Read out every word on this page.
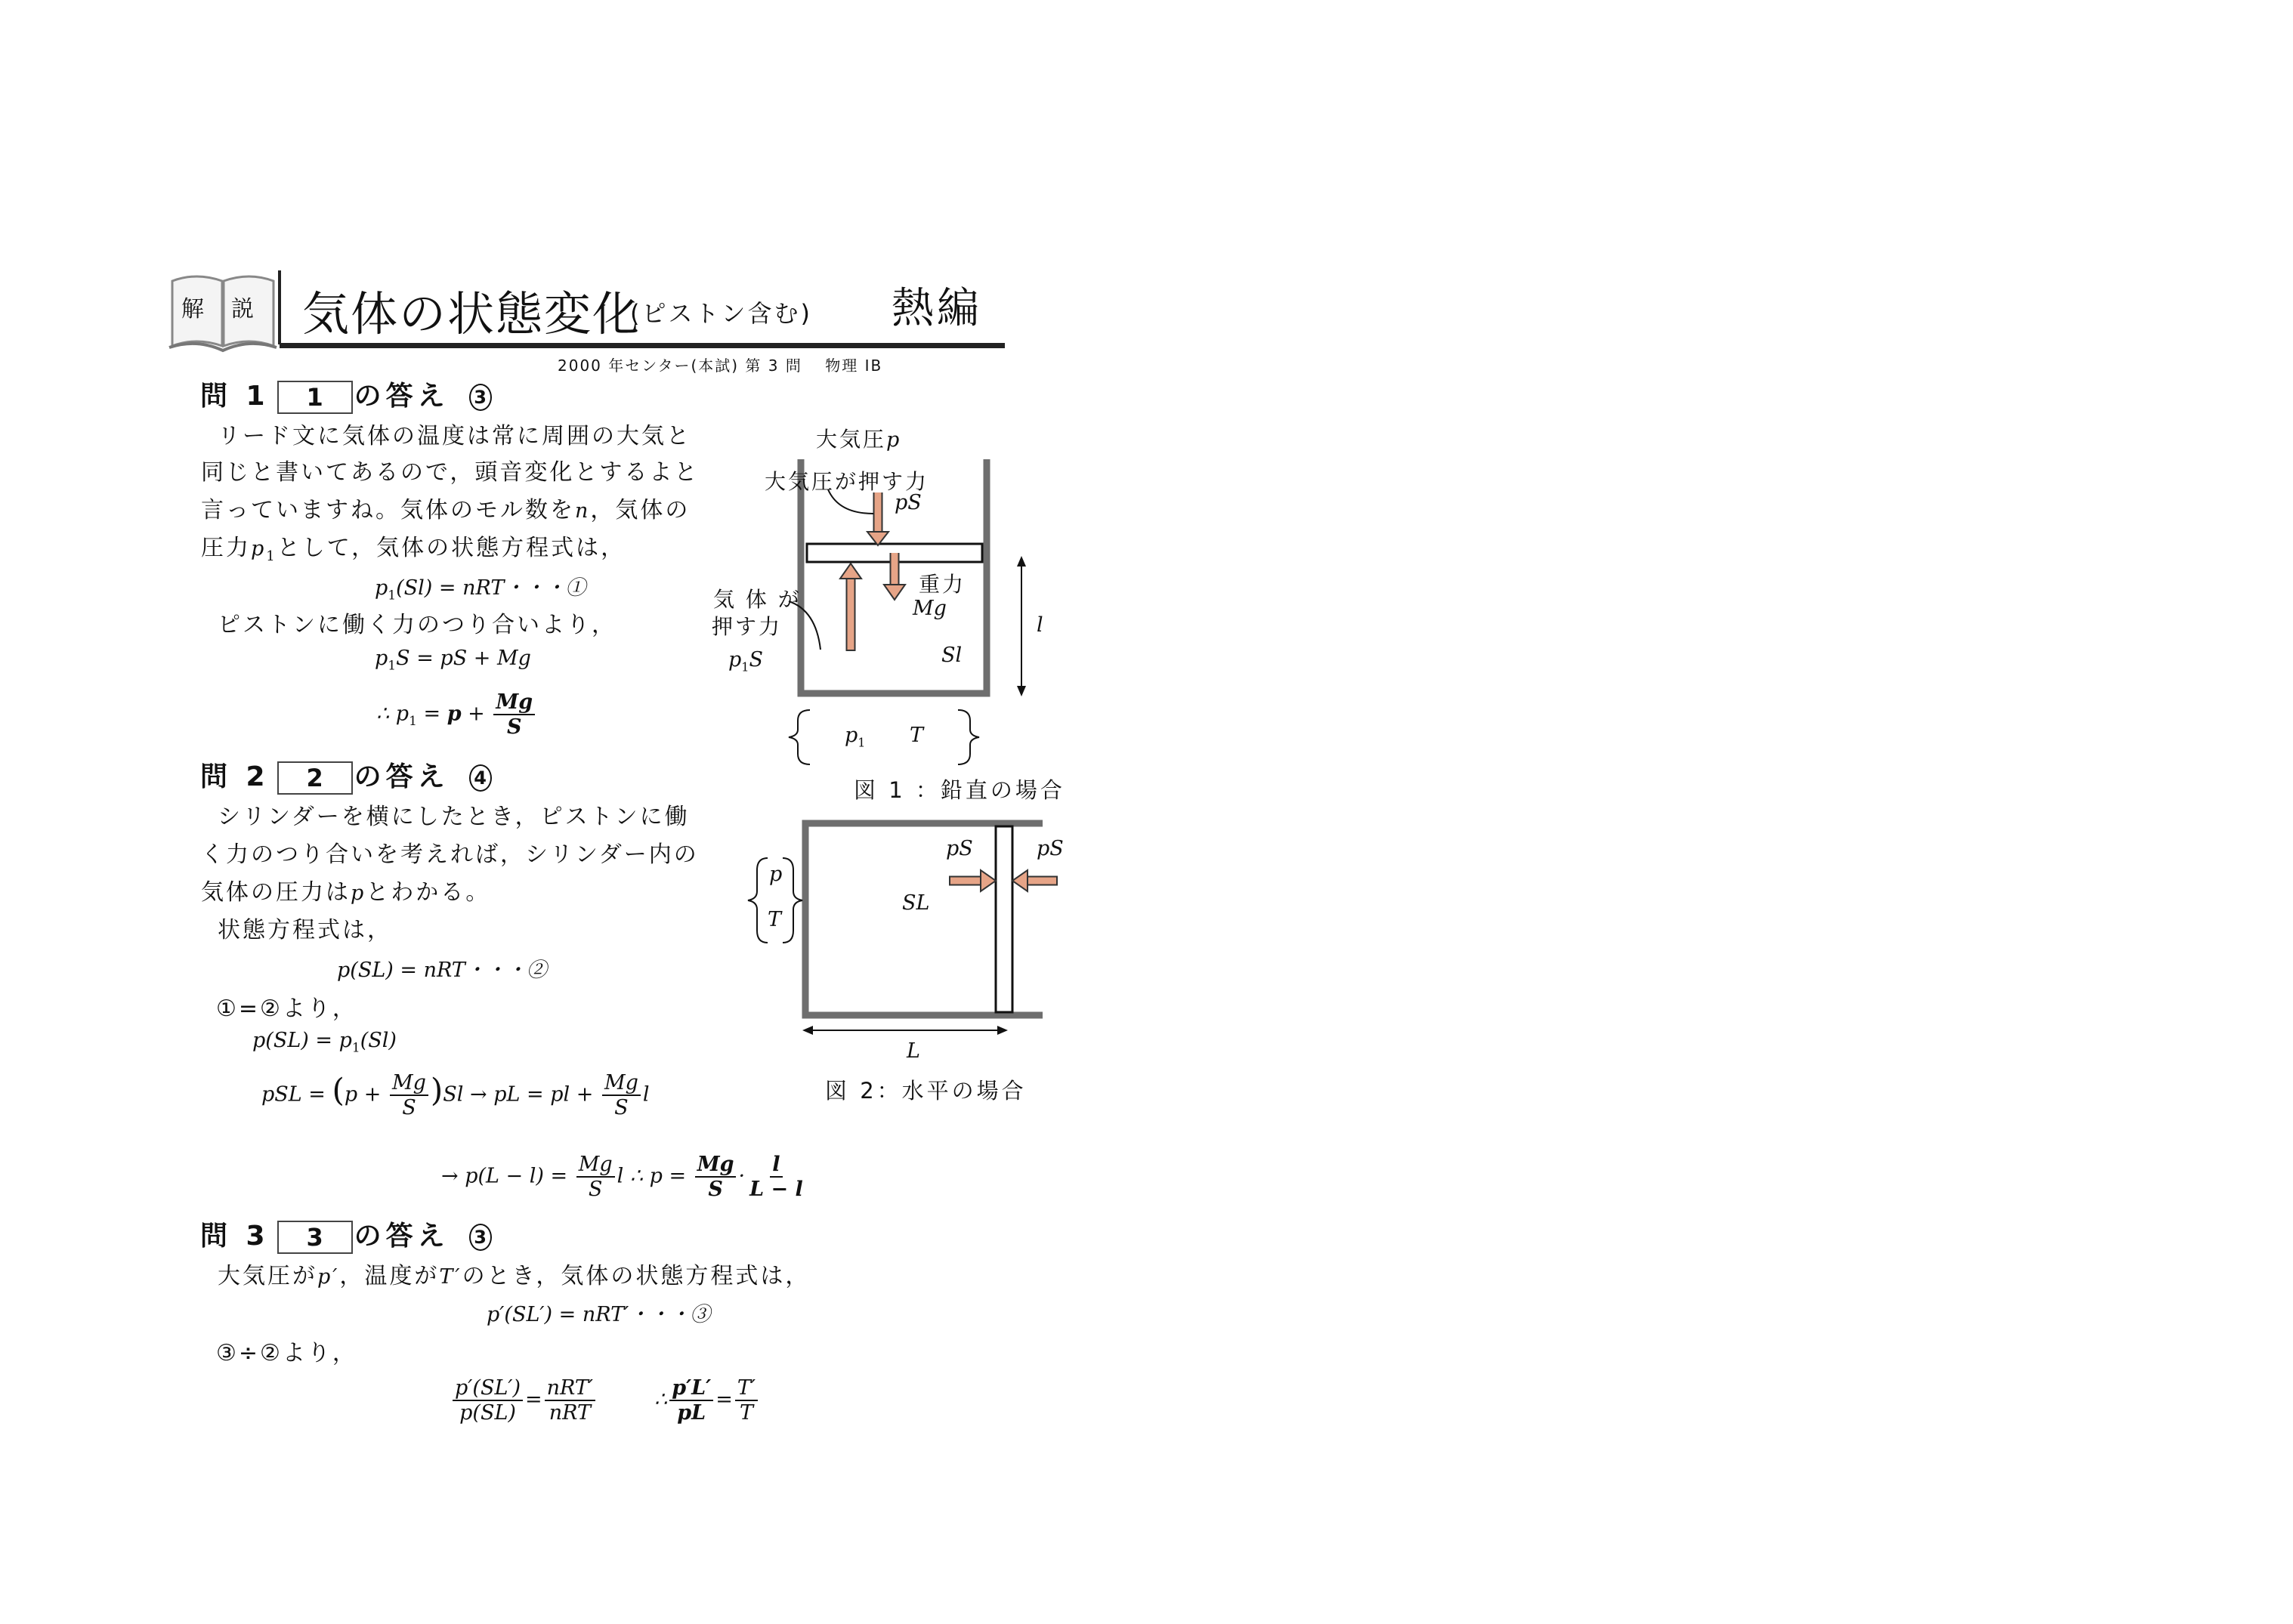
解 説 気体の状態変化
(ピストン含む) 熱編
2000 年センター(本試) 第 3 問　 物理 IB
問 1 1 の答え 3
リード文に気体の温度は常に周囲の大気と
同じと書いてあるので，頭音変化とするよと
言っていますね。気体のモル数をn，気体の
圧力$p_1$として，気体の状態方程式は，
$p_1(Sl)$ = nRT・・・①
ピストンに働く力のつり合いより，
$p_1S$ = pS + Mg
∴ $p_1 = p + \frac{Mg}{S}$
問 2 2 の答え 4
シリンダーを横にしたとき，ピストンに働
く力のつり合いを考えれば，シリンダー内の
気体の圧力はpとわかる。
状態方程式は，
p(SL) = nRT・・・②
①=②より，
$p(SL) = p_1(Sl)$
pSL = $(p + \frac{Mg}{S} )Sl$ → pL = pl + $\frac{Mg}{S}$ l
→ $p(L - l) = \frac{Mg}{S}$ l ∴ $p = \frac{Mg}{S} \cdot \frac{l}{L - l}$
問 3 3 の答え 3
大気圧がp′，温度がT′のとき，気体の状態方程式は，
p′(SL′) = nRT′・・・③
③÷②より，
$\frac{p'(SL')}{p(SL)} = \frac{\text{nRT′}}{\text{nRT}}$	∴ $\frac{p'L'}{pL} = \frac{T'}{T}$
大気圧p
大気圧が押す力
pS
重力
Mg
気 体 が
押す力
$p_1S$	Sl
l
$p_1$ T
図 1 ：鉛直の場合
pS	pS
SL
p
T
L
図 2：水平の場合
